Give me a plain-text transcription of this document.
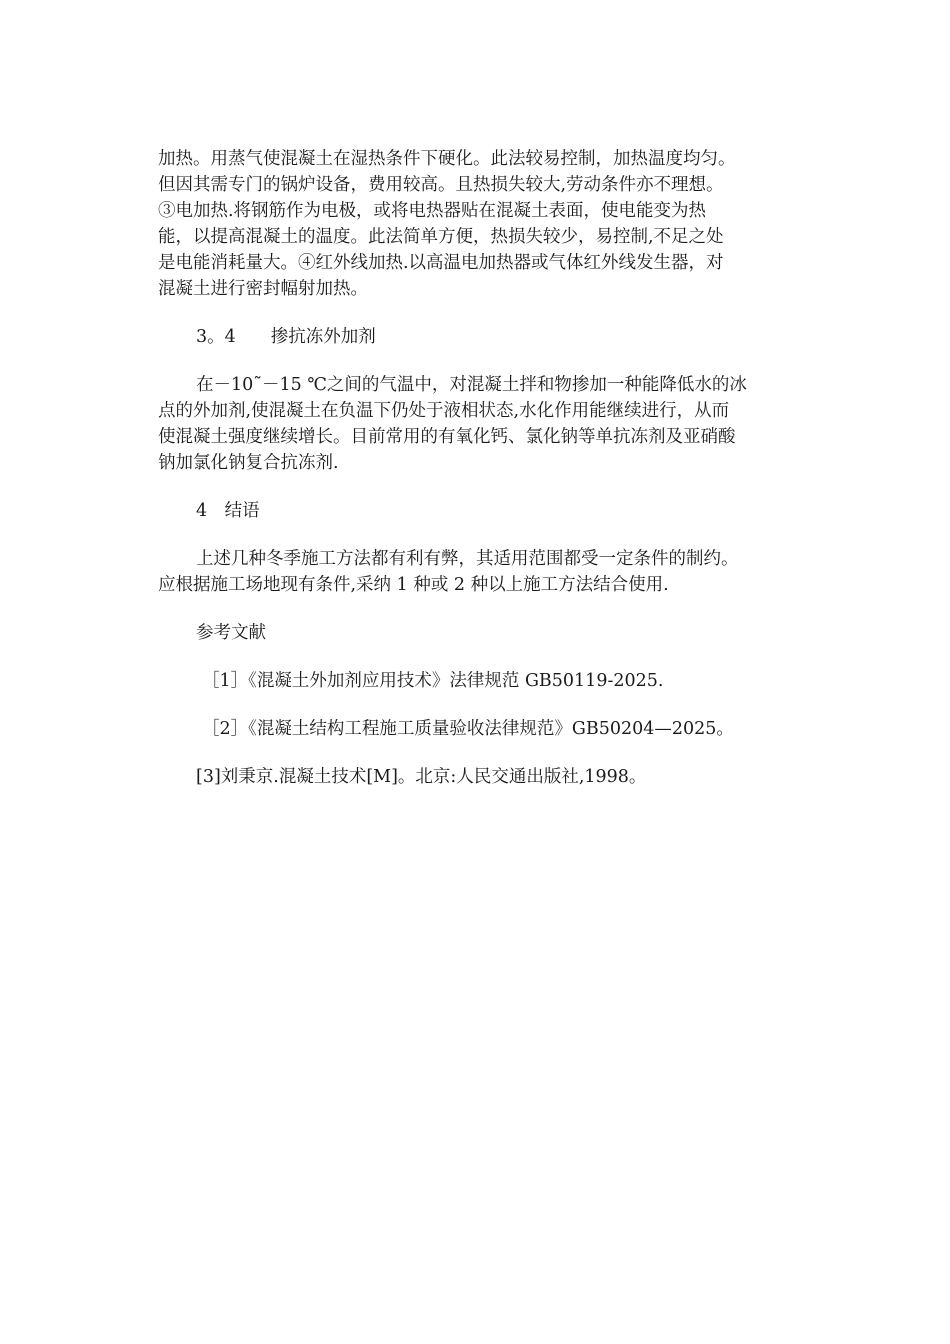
加热。用蒸气使混凝土在湿热条件下硬化。此法较易控制，加热温度均匀。
但因其需专门的锅炉设备，费用较高。且热损失较大,劳动条件亦不理想。
③电加热.将钢筋作为电极，或将电热器贴在混凝土表面，使电能变为热
能，以提高混凝土的温度。此法简单方便，热损失较少，易控制,不足之处
是电能消耗量大。④红外线加热.以高温电加热器或气体红外线发生器，对
混凝土进行密封幅射加热。
3。4　　掺抗冻外加剂
在－10˜－15 ℃之间的气温中，对混凝土拌和物掺加一种能降低水的冰
点的外加剂,使混凝土在负温下仍处于液相状态,水化作用能继续进行，从而
使混凝土强度继续增长。目前常用的有氧化钙、氯化钠等单抗冻剂及亚硝酸
钠加氯化钠复合抗冻剂.
4　结语
上述几种冬季施工方法都有利有弊，其适用范围都受一定条件的制约。
应根据施工场地现有条件,采纳 1 种或 2 种以上施工方法结合使用.
参考文献
［1］《混凝土外加剂应用技术》法律规范 GB50119-2025.
［2］《混凝土结构工程施工质量验收法律规范》GB50204—2025。
[3]刘秉京.混凝土技术[M]。北京:人民交通出版社,1998。
